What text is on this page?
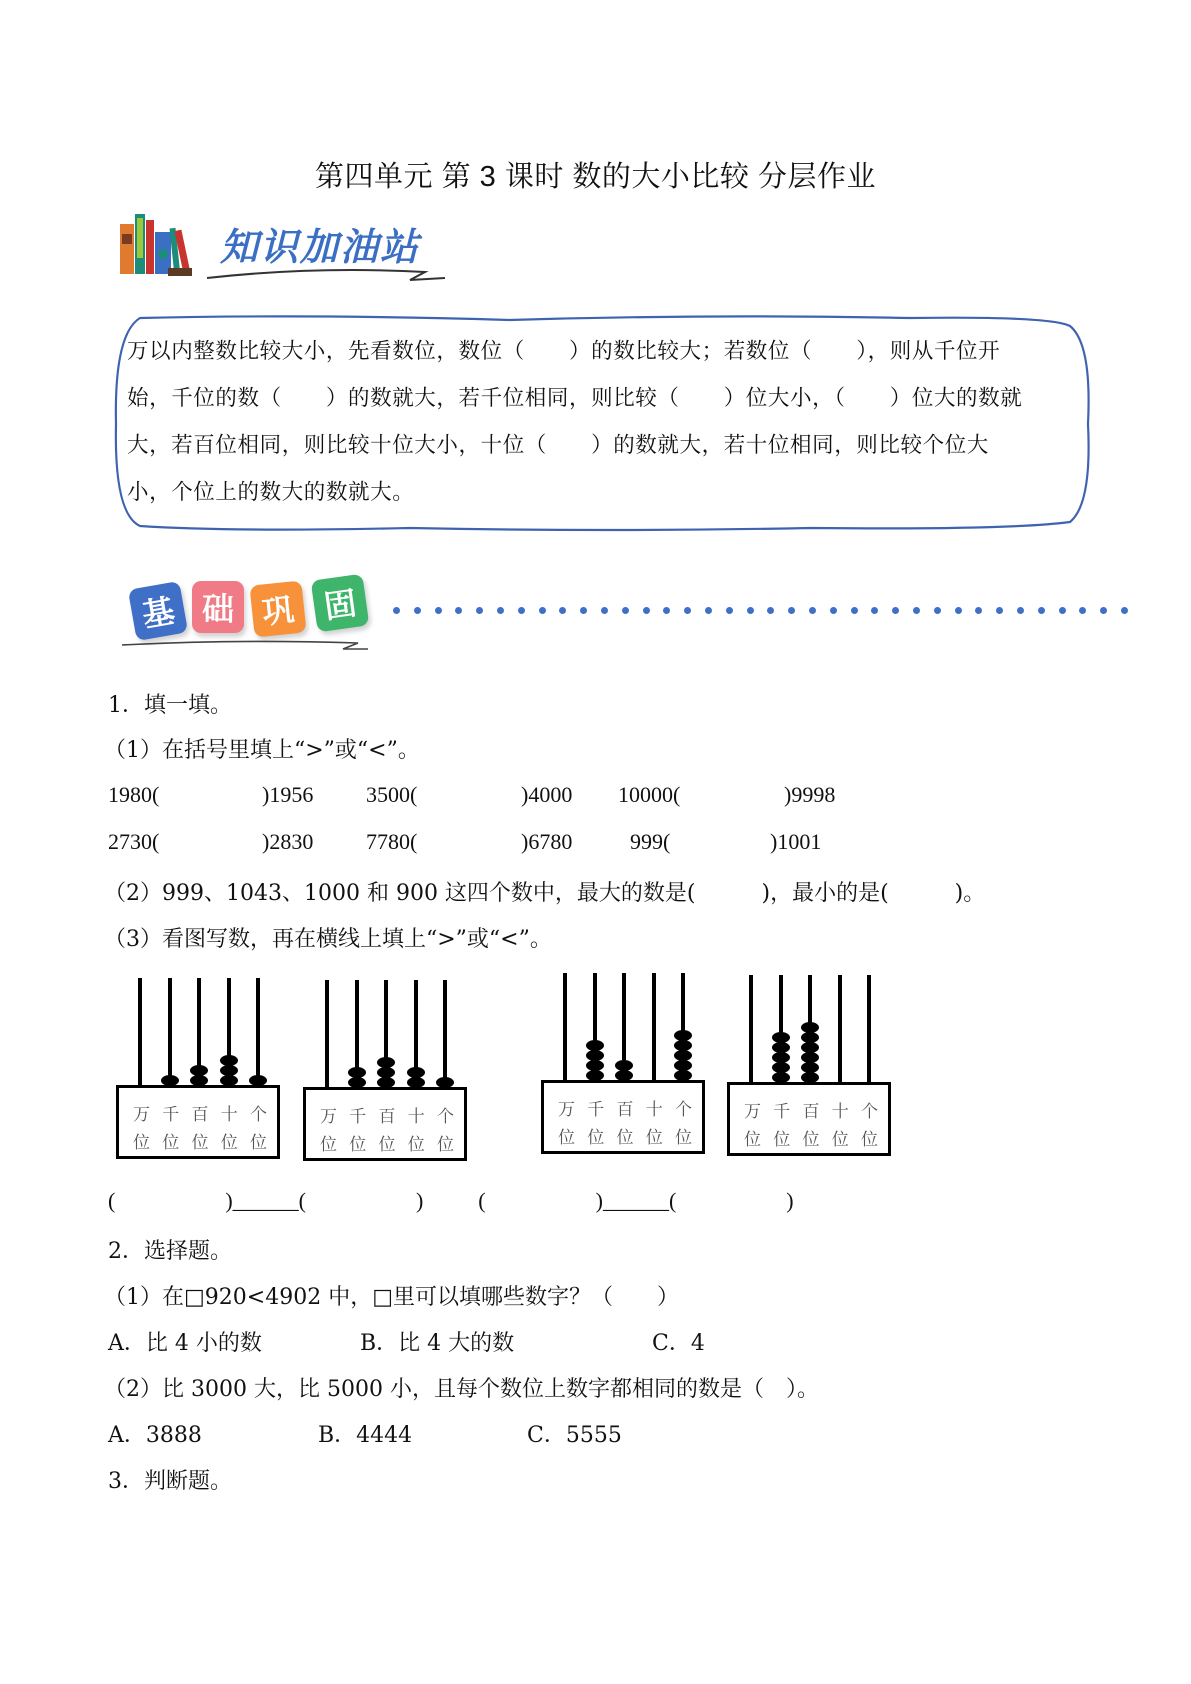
第四单元 第 3 课时 数的大小比较 分层作业
知识加油站
万以内整数比较大小，先看数位，数位（　　）的数比较大；若数位（　　），则从千位开
始，千位的数（　　）的数就大，若千位相同，则比较（　　）位大小，（　　）位大的数就
大，若百位相同，则比较十位大小，十位（　　）的数就大，若十位相同，则比较个位大
小，个位上的数大的数就大。
基 础 巩 固
1．填一填。
（1）在括号里填上“>”或“<”。
1980(	)1956 3500(	)4000 10000(	)9998
2730(	)2830 7780(	)6780	999(	)1001
（2）999、1043、1000 和 900 这四个数中，最大的数是(　　　)，最小的是(　　　)。
（3）看图写数，再在横线上填上“>”或“<”。
万 千 百 十 个
位 位 位 位 位
万 千 百 十 个
位 位 位 位 位
万 千 百 十 个
位 位 位 位 位
万 千 百 十 个
位 位 位 位 位
(                    )______(                    )          (                    )______(                    )
2．选择题。
（1）在□920<4902 中，□里可以填哪些数字？（　　）
A．比 4 小的数	B．比 4 大的数	C．4
（2）比 3000 大，比 5000 小，且每个数位上数字都相同的数是（　）。
A．3888	B．4444	C．5555
3．判断题。
